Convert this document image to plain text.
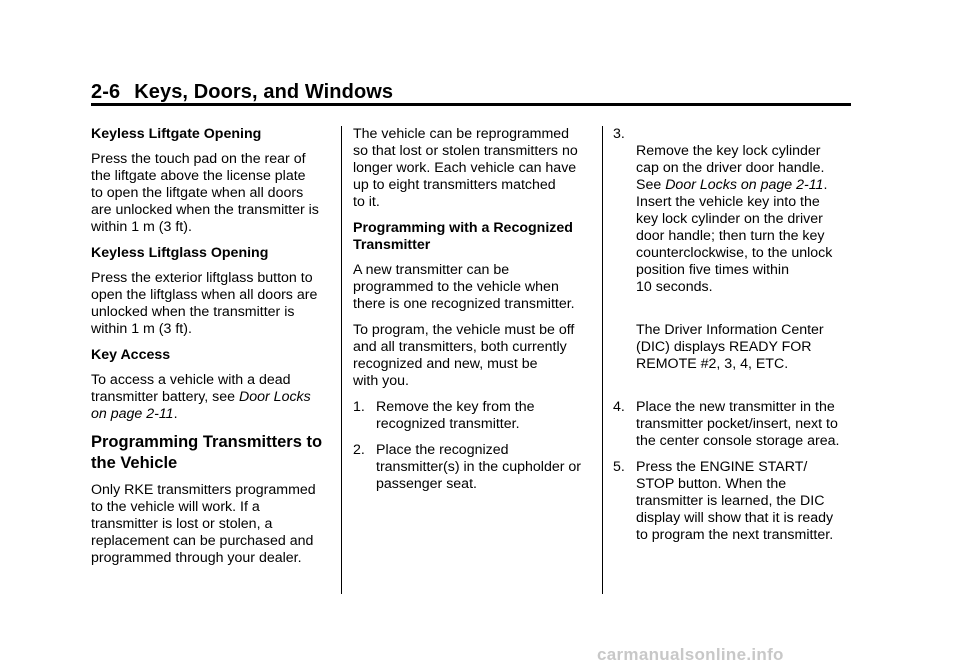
2-6 Keys, Doors, and Windows

Keyless Liftgate Opening

Press the touch pad on the rear of
the liftgate above the license plate
to open the liftgate when all doors
are unlocked when the transmitter is
within 1 m (3 ft).

Keyless Liftglass Opening

Press the exterior liftglass button to
open the liftglass when all doors are
unlocked when the transmitter is
within 1 m (3 ft).

Key Access

To access a vehicle with a dead
transmitter battery, see Door Locks
on page 2-11.

Programming Transmitters to
the Vehicle

Only RKE transmitters programmed
to the vehicle will work. If a
transmitter is lost or stolen, a
replacement can be purchased and
programmed through your dealer.

The vehicle can be reprogrammed
so that lost or stolen transmitters no
longer work. Each vehicle can have
up to eight transmitters matched
to it.

Programming with a Recognized
Transmitter

A new transmitter can be
programmed to the vehicle when
there is one recognized transmitter.

To program, the vehicle must be off
and all transmitters, both currently
recognized and new, must be
with you.

1. Remove the key from the
recognized transmitter.
2. Place the recognized
transmitter(s) in the cupholder or
passenger seat.
3.

Remove the key lock cylinder
cap on the driver door handle.
See Door Locks on page 2-11.
Insert the vehicle key into the
key lock cylinder on the driver
door handle; then turn the key
counterclockwise, to the unlock
position five times within
10 seconds.

The Driver Information Center
(DIC) displays READY FOR
REMOTE #2, 3, 4, ETC.

4. Place the new transmitter in the
transmitter pocket/insert, next to
the center console storage area.
5. Press the ENGINE START/
STOP button. When the
transmitter is learned, the DIC
display will show that it is ready
to program the next transmitter.
carmanualsonline.info
